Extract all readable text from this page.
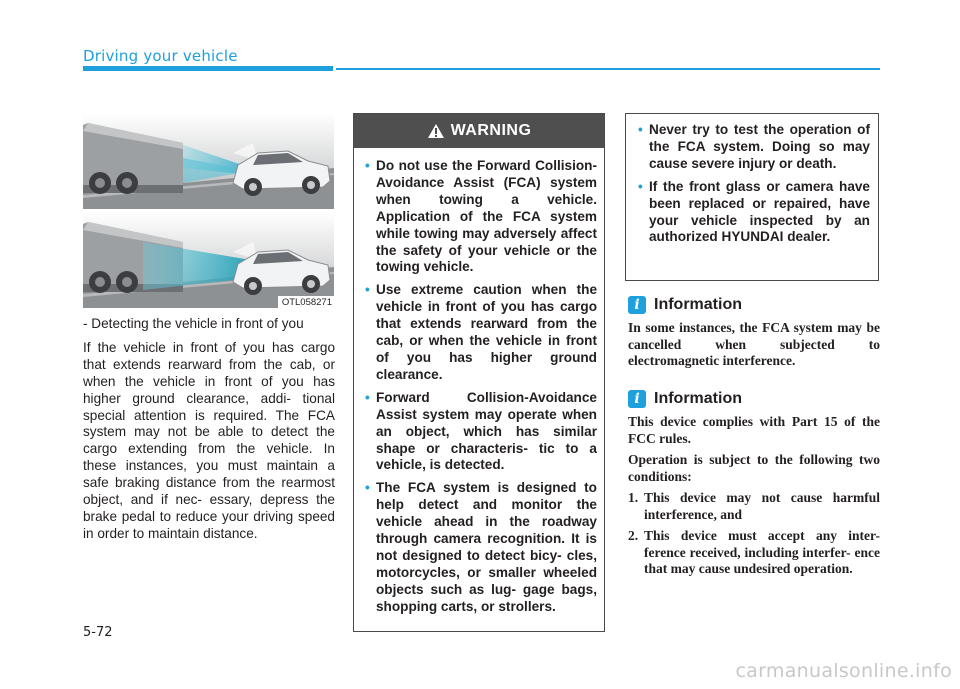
Driving your vehicle
OTL058271

- Detecting the vehicle in front of you

If the vehicle in front of you has cargo that extends rearward from the cab, or when the vehicle in front of you has higher ground clearance, addi- tional special attention is required. The FCA system may not be able to detect the cargo extending from the vehicle. In these instances, you must maintain a safe braking distance from the rearmost object, and if nec- essary, depress the brake pedal to reduce your driving speed in order to maintain distance.

WARNING
• Do not use the Forward Collision-Avoidance Assist (FCA) system when towing a vehicle. Application of the FCA system while towing may adversely affect the safety of your vehicle or the towing vehicle.
• Use extreme caution when the vehicle in front of you has cargo that extends rearward from the cab, or when the vehicle in front of you has higher ground clearance.
• Forward Collision-Avoidance Assist system may operate when an object, which has similar shape or characteris- tic to a vehicle, is detected.
• The FCA system is designed to help detect and monitor the vehicle ahead in the roadway through camera recognition. It is not designed to detect bicy- cles, motorcycles, or smaller wheeled objects such as lug- gage bags, shopping carts, or strollers.
• Never try to test the operation of the FCA system. Doing so may cause severe injury or death.
• If the front glass or camera have been replaced or repaired, have your vehicle inspected by an authorized HYUNDAI dealer.
i Information

In some instances, the FCA system may be cancelled when subjected to electromagnetic interference.

i Information

This device complies with Part 15 of the FCC rules.

Operation is subject to the following two conditions:

1. This device may not cause harmful interference, and
2. This device must accept any inter- ference received, including interfer- ence that may cause undesired operation.
5-72
carmanualsonline.info
